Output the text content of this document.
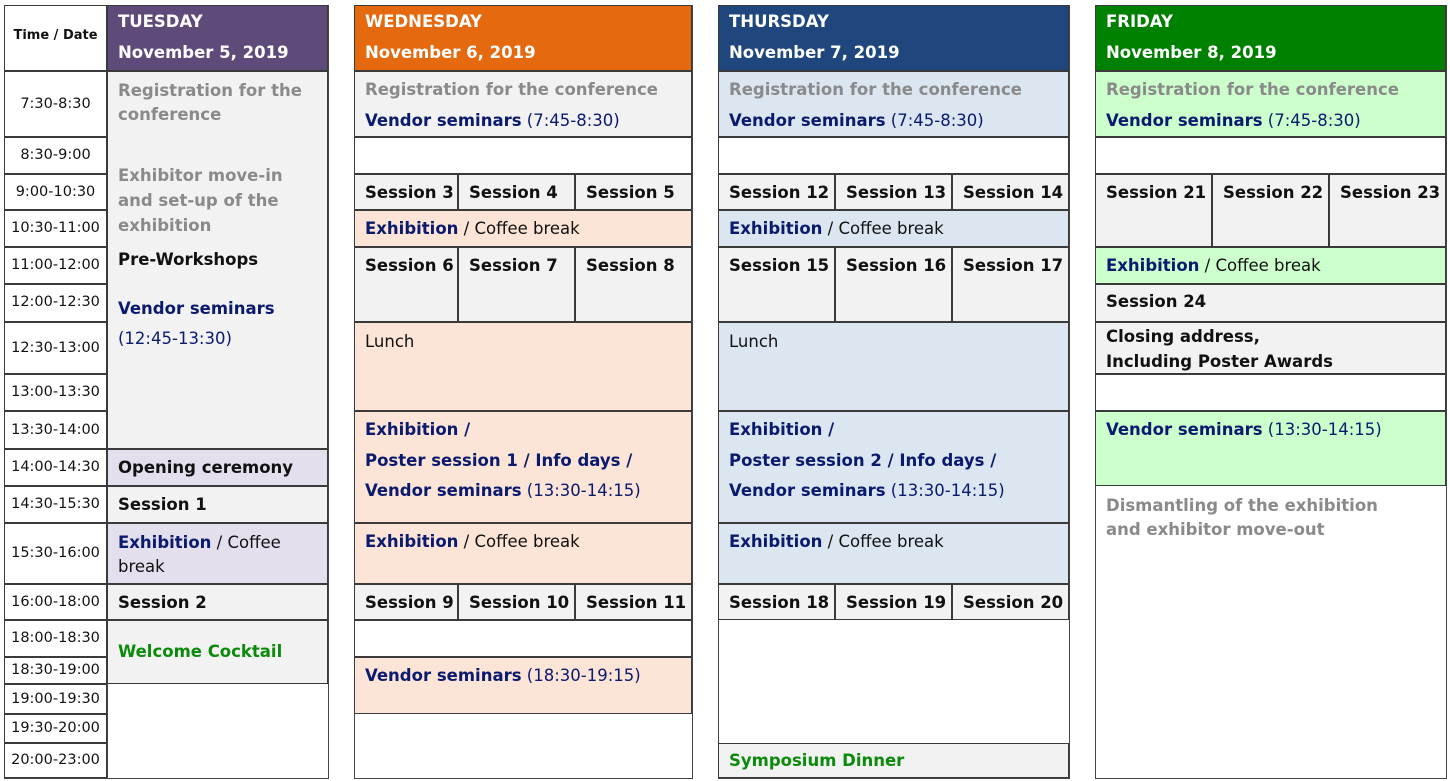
Time / Date
7:30-8:30
8:30-9:00
9:00-10:30
10:30-11:00
11:00-12:00
12:00-12:30
12:30-13:00
13:00-13:30
13:30-14:00
14:00-14:30
14:30-15:30
15:30-16:00
16:00-18:00
18:00-18:30
18:30-19:00
19:00-19:30
19:30-20:00
20:00-23:00
TUESDAY
November 5, 2019
Registration for the conference
Exhibitor move-in and set-up of the exhibition
Pre-Workshops
Vendor seminars
(12:45-13:30)
Opening ceremony
Session 1
Exhibition / Coffee break
Session 2
Welcome Cocktail
WEDNESDAY
November 6, 2019
Registration for the conference
Vendor seminars (7:45-8:30)
Session 3 Session 4 Session 5
Exhibition / Coffee break
Session 6 Session 7 Session 8
Lunch
Exhibition /
Poster session 1 / Info days /
Vendor seminars (13:30-14:15)
Exhibition / Coffee break
Session 9 Session 10 Session 11
Vendor seminars (18:30-19:15)
THURSDAY
November 7, 2019
Registration for the conference
Vendor seminars (7:45-8:30)
Session 12 Session 13 Session 14
Exhibition / Coffee break
Session 15 Session 16 Session 17
Lunch
Exhibition /
Poster session 2 / Info days /
Vendor seminars (13:30-14:15)
Exhibition / Coffee break
Session 18 Session 19 Session 20
Symposium Dinner
FRIDAY
November 8, 2019
Registration for the conference
Vendor seminars (7:45-8:30)
Session 21 Session 22 Session 23
Exhibition / Coffee break
Session 24
Closing address,
Including Poster Awards
Vendor seminars (13:30-14:15)
Dismantling of the exhibition and exhibitor move-out
